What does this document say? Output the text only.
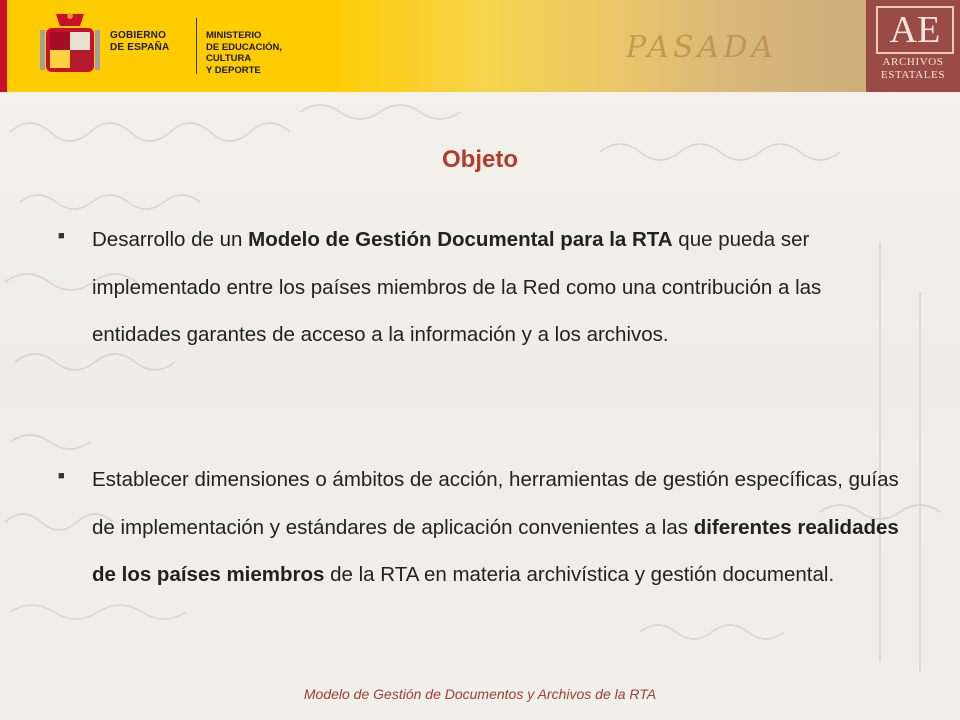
GOBIERNO
DE ESPAÑA
MINISTERIO
DE EDUCACIÓN, CULTURA
Y DEPORTE
PASADA	AE
ARCHIVOS
ESTATALES
Objeto
■ Desarrollo de un Modelo de Gestión Documental para la RTA que pueda ser implementado entre los países miembros de la Red como una contribución a las entidades garantes de acceso a la información y a los archivos.
■ Establecer dimensiones o ámbitos de acción, herramientas de gestión específicas, guías de implementación y estándares de aplicación convenientes a las diferentes realidades de los países miembros de la RTA en materia archivística y gestión documental.
Modelo de Gestión de Documentos y Archivos de la RTA
